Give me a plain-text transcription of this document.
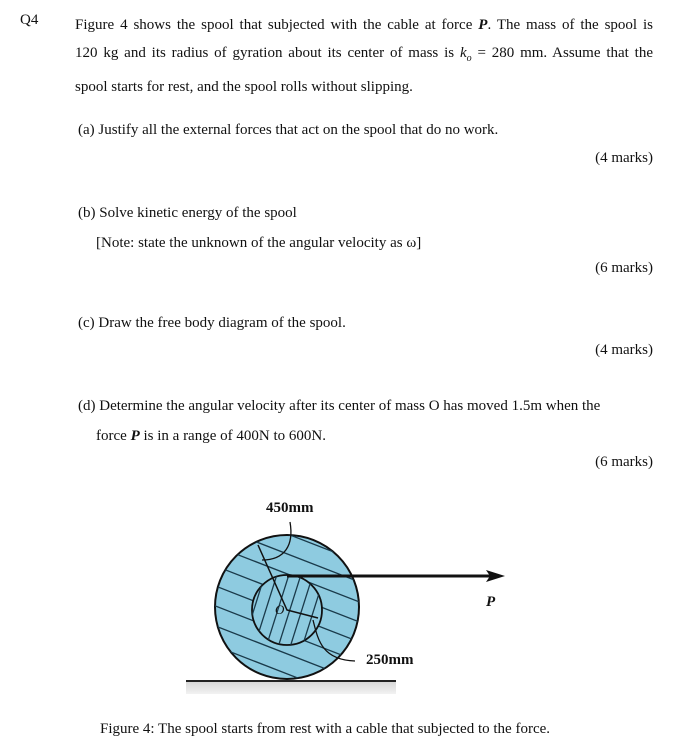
Q4 Figure 4 shows the spool that subjected with the cable at force P. The mass of the spool is
120 kg and its radius of gyration about its center of mass is $k_o = 280$ mm. Assume that the
spool starts for rest, and the spool rolls without slipping.
(a) Justify all the external forces that act on the spool that do no work.
(4 marks)
(b) Solve kinetic energy of the spool
[Note: state the unknown of the angular velocity as ω]
(6 marks)
(c) Draw the free body diagram of the spool.
(4 marks)
(d) Determine the angular velocity after its center of mass O has moved 1.5m when the
force P is in a range of 400N to 600N.
(6 marks)
450mm
250mm
P
O
Figure 4: The spool starts from rest with a cable that subjected to the force.
